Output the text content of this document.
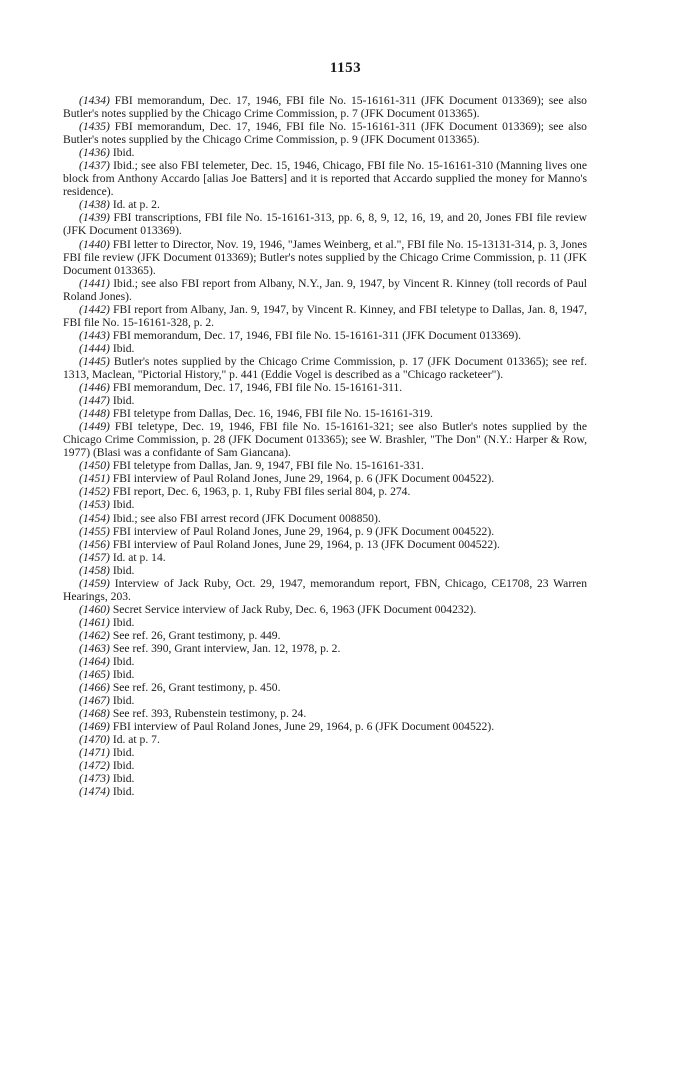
1153

(1434) FBI memorandum, Dec. 17, 1946, FBI file No. 15-16161-311 (JFK Document 013369); see also Butler's notes supplied by the Chicago Crime Commission, p. 7 (JFK Document 013365).

(1435) FBI memorandum, Dec. 17, 1946, FBI file No. 15-16161-311 (JFK Document 013369); see also Butler's notes supplied by the Chicago Crime Commission, p. 9 (JFK Document 013365).

(1436) Ibid.

(1437) Ibid.; see also FBI telemeter, Dec. 15, 1946, Chicago, FBI file No. 15-16161-310 (Manning lives one block from Anthony Accardo [alias Joe Batters] and it is reported that Accardo supplied the money for Manno's residence).

(1438) Id. at p. 2.

(1439) FBI transcriptions, FBI file No. 15-16161-313, pp. 6, 8, 9, 12, 16, 19, and 20, Jones FBI file review (JFK Document 013369).

(1440) FBI letter to Director, Nov. 19, 1946, "James Weinberg, et al.", FBI file No. 15-13131-314, p. 3, Jones FBI file review (JFK Document 013369); Butler's notes supplied by the Chicago Crime Commission, p. 11 (JFK Document 013365).

(1441) Ibid.; see also FBI report from Albany, N.Y., Jan. 9, 1947, by Vincent R. Kinney (toll records of Paul Roland Jones).

(1442) FBI report from Albany, Jan. 9, 1947, by Vincent R. Kinney, and FBI teletype to Dallas, Jan. 8, 1947, FBI file No. 15-16161-328, p. 2.

(1443) FBI memorandum, Dec. 17, 1946, FBI file No. 15-16161-311 (JFK Document 013369).

(1444) Ibid.

(1445) Butler's notes supplied by the Chicago Crime Commission, p. 17 (JFK Document 013365); see ref. 1313, Maclean, "Pictorial History," p. 441 (Eddie Vogel is described as a "Chicago racketeer").

(1446) FBI memorandum, Dec. 17, 1946, FBI file No. 15-16161-311.

(1447) Ibid.

(1448) FBI teletype from Dallas, Dec. 16, 1946, FBI file No. 15-16161-319.

(1449) FBI teletype, Dec. 19, 1946, FBI file No. 15-16161-321; see also Butler's notes supplied by the Chicago Crime Commission, p. 28 (JFK Document 013365); see W. Brashler, "The Don" (N.Y.: Harper & Row, 1977) (Blasi was a confidante of Sam Giancana).

(1450) FBI teletype from Dallas, Jan. 9, 1947, FBI file No. 15-16161-331.

(1451) FBI interview of Paul Roland Jones, June 29, 1964, p. 6 (JFK Document 004522).

(1452) FBI report, Dec. 6, 1963, p. 1, Ruby FBI files serial 804, p. 274.

(1453) Ibid.

(1454) Ibid.; see also FBI arrest record (JFK Document 008850).

(1455) FBI interview of Paul Roland Jones, June 29, 1964, p. 9 (JFK Document 004522).

(1456) FBI interview of Paul Roland Jones, June 29, 1964, p. 13 (JFK Document 004522).

(1457) Id. at p. 14.

(1458) Ibid.

(1459) Interview of Jack Ruby, Oct. 29, 1947, memorandum report, FBN, Chicago, CE1708, 23 Warren Hearings, 203.

(1460) Secret Service interview of Jack Ruby, Dec. 6, 1963 (JFK Document 004232).

(1461) Ibid.

(1462) See ref. 26, Grant testimony, p. 449.

(1463) See ref. 390, Grant interview, Jan. 12, 1978, p. 2.

(1464) Ibid.

(1465) Ibid.

(1466) See ref. 26, Grant testimony, p. 450.

(1467) Ibid.

(1468) See ref. 393, Rubenstein testimony, p. 24.

(1469) FBI interview of Paul Roland Jones, June 29, 1964, p. 6 (JFK Document 004522).

(1470) Id. at p. 7.

(1471) Ibid.

(1472) Ibid.

(1473) Ibid.

(1474) Ibid.
